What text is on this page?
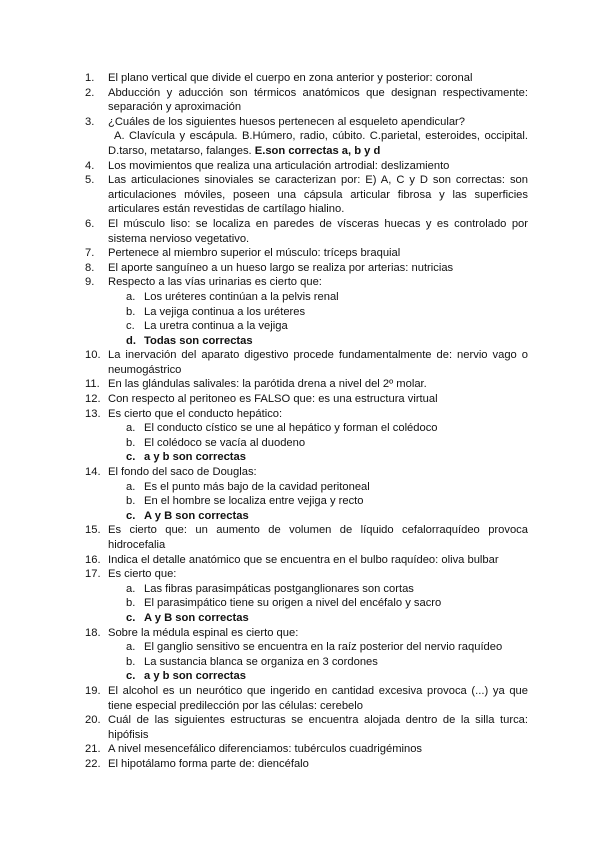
1. El plano vertical que divide el cuerpo en zona anterior y posterior: coronal
2. Abducción y aducción son térmicos anatómicos que designan respectivamente: separación y aproximación
3. ¿Cuáles de los siguientes huesos pertenecen al esqueleto apendicular?
A. Clavícula y escápula. B.Húmero, radio, cúbito. C.parietal, esteroides, occipital. D.tarso, metatarso, falanges. E.son correctas a, b y d
4. Los movimientos que realiza una articulación artrodial: deslizamiento
5. Las articulaciones sinoviales se caracterizan por: E) A, C y D son correctas: son articulaciones móviles, poseen una cápsula articular fibrosa y las superficies articulares están revestidas de cartílago hialino.
6. El músculo liso: se localiza en paredes de vísceras huecas y es controlado por sistema nervioso vegetativo.
7. Pertenece al miembro superior el músculo: tríceps braquial
8. El aporte sanguíneo a un hueso largo se realiza por arterias: nutricias
9. Respecto a las vías urinarias es cierto que:
a. Los uréteres continúan a la pelvis renal
b. La vejiga continua a los uréteres
c. La uretra continua a la vejiga
d. Todas son correctas
10. La inervación del aparato digestivo procede fundamentalmente de: nervio vago o neumogástrico
11. En las glándulas salivales: la parótida drena a nivel del 2º molar.
12. Con respecto al peritoneo es FALSO que: es una estructura virtual
13. Es cierto que el conducto hepático:
a. El conducto cístico se une al hepático y forman el colédoco
b. El colédoco se vacía al duodeno
c. a y b son correctas
14. El fondo del saco de Douglas:
a. Es el punto más bajo de la cavidad peritoneal
b. En el hombre se localiza entre vejiga y recto
c. A y B son correctas
15. Es cierto que: un aumento de volumen de líquido cefalorraquídeo provoca hidrocefalia
16. Indica el detalle anatómico que se encuentra en el bulbo raquídeo: oliva bulbar
17. Es cierto que:
a. Las fibras parasimpáticas postganglionares son cortas
b. El parasimpático tiene su origen a nivel del encéfalo y sacro
c. A y B son correctas
18. Sobre la médula espinal es cierto que:
a. El ganglio sensitivo se encuentra en la raíz posterior del nervio raquídeo
b. La sustancia blanca se organiza en 3 cordones
c. a y b son correctas
19. El alcohol es un neurótico que ingerido en cantidad excesiva provoca (...) ya que tiene especial predilección por las células: cerebelo
20. Cuál de las siguientes estructuras se encuentra alojada dentro de la silla turca: hipófisis
21. A nivel mesencefálico diferenciamos: tubérculos cuadrigéminos
22. El hipotálamo forma parte de: diencéfalo
